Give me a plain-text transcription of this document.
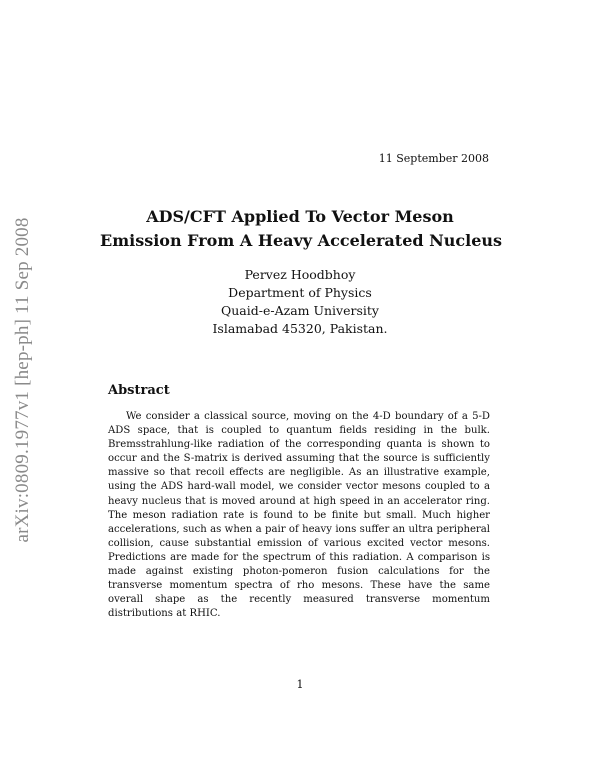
arXiv:0809.1977v1 [hep-ph] 11 Sep 2008
11 September 2008
ADS/CFT Applied To Vector Meson
Emission From A Heavy Accelerated Nucleus
Pervez Hoodbhoy
Department of Physics
Quaid-e-Azam University
Islamabad 45320, Pakistan.
Abstract
We consider a classical source, moving on the 4-D boundary of a 5-D ADS space, that is coupled to quantum fields residing in the bulk. Bremsstrahlung-like radiation of the corresponding quanta is shown to occur and the S-matrix is derived assuming that the source is sufficiently massive so that recoil effects are negligible. As an illustrative example, using the ADS hard-wall model, we consider vector mesons coupled to a heavy nucleus that is moved around at high speed in an accelerator ring. The meson radiation rate is found to be finite but small. Much higher accelerations, such as when a pair of heavy ions suffer an ultra peripheral collision, cause substantial emission of various excited vector mesons. Predictions are made for the spectrum of this radiation. A comparison is made against existing photon-pomeron fusion calculations for the transverse momentum spectra of rho mesons. These have the same overall shape as the recently measured transverse momentum distributions at RHIC.
1
